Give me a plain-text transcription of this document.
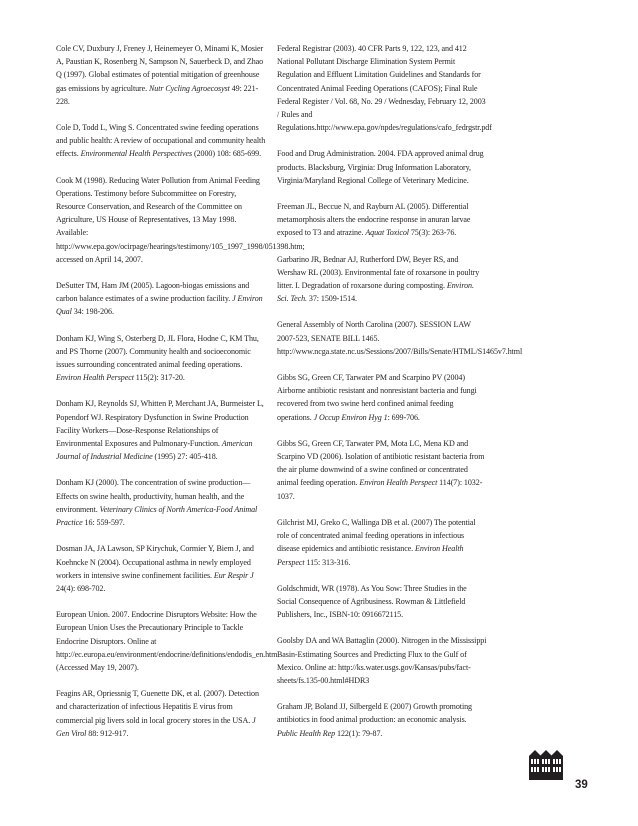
Cole CV, Duxbury J, Freney J, Heinemeyer O, Minami K, Mosier A, Paustian K, Rosenberg N, Sampson N, Sauerbeck D, and Zhao Q (1997). Global estimates of potential mitigation of greenhouse gas emissions by agriculture. Nutr Cycling Agroecosyst 49: 221-228.

Cole D, Todd L, Wing S. Concentrated swine feeding operations and public health: A review of occupational and community health effects. Environmental Health Perspectives (2000) 108: 685-699.

Cook M (1998). Reducing Water Pollution from Animal Feeding Operations. Testimony before Subcommittee on Forestry, Resource Conservation, and Research of the Committee on Agriculture, US House of Representatives, 13 May 1998. Available: http://www.epa.gov/ocirpage/hearings/testimony/105_1997_1998/051398.htm; accessed on April 14, 2007.

DeSutter TM, Ham JM (2005). Lagoon-biogas emissions and carbon balance estimates of a swine production facility. J Environ Qual 34: 198-206.

Donham KJ, Wing S, Osterberg D, JL Flora, Hodne C, KM Thu, and PS Thorne (2007). Community health and socioeconomic issues surrounding concentrated animal feeding operations. Environ Health Perspect 115(2): 317-20.

Donham KJ, Reynolds SJ, Whitten P, Merchant JA, Burmeister L, Popendorf WJ. Respiratory Dysfunction in Swine Production Facility Workers—Dose-Response Relationships of Environmental Exposures and Pulmonary-Function. American Journal of Industrial Medicine (1995) 27: 405-418.

Donham KJ (2000). The concentration of swine production—Effects on swine health, productivity, human health, and the environment. Veterinary Clinics of North America-Food Animal Practice 16: 559-597.

Dosman JA, JA Lawson, SP Kirychuk, Cormier Y, Biem J, and Koehncke N (2004). Occupational asthma in newly employed workers in intensive swine confinement facilities. Eur Respir J 24(4): 698-702.

European Union. 2007. Endocrine Disruptors Website: How the European Union Uses the Precautionary Principle to Tackle Endocrine Disruptors. Online at http://ec.europa.eu/environment/endocrine/definitions/endodis_en.htm (Accessed May 19, 2007).

Feagins AR, Opriessnig T, Guenette DK, et al. (2007). Detection and characterization of infectious Hepatitis E virus from commercial pig livers sold in local grocery stores in the USA. J Gen Virol 88: 912-917.

Federal Registrar (2003). 40 CFR Parts 9, 122, 123, and 412 National Pollutant Discharge Elimination System Permit Regulation and Effluent Limitation Guidelines and Standards for Concentrated Animal Feeding Operations (CAFOS); Final Rule Federal Register / Vol. 68, No. 29 / Wednesday, February 12, 2003 / Rules and Regulations.http://www.epa.gov/npdes/regulations/cafo_fedrgstr.pdf

Food and Drug Administration. 2004. FDA approved animal drug products. Blacksburg, Virginia: Drug Information Laboratory, Virginia/Maryland Regional College of Veterinary Medicine.

Freeman JL, Beccue N, and Rayburn AL (2005). Differential metamorphosis alters the endocrine response in anuran larvae exposed to T3 and atrazine. Aquat Toxicol 75(3): 263-76.

Garbarino JR, Bednar AJ, Rutherford DW, Beyer RS, and Wershaw RL (2003). Environmental fate of roxarsone in poultry litter. I. Degradation of roxarsone during composting. Environ. Sci. Tech. 37: 1509-1514.

General Assembly of North Carolina (2007). SESSION LAW 2007-523, SENATE BILL 1465. http://www.ncga.state.nc.us/Sessions/2007/Bills/Senate/HTML/S1465v7.html

Gibbs SG, Green CF, Tarwater PM and Scarpino PV (2004) Airborne antibiotic resistant and nonresistant bacteria and fungi recovered from two swine herd confined animal feeding operations. J Occup Environ Hyg 1: 699-706.

Gibbs SG, Green CF, Tarwater PM, Mota LC, Mena KD and Scarpino VD (2006). Isolation of antibiotic resistant bacteria from the air plume downwind of a swine confined or concentrated animal feeding operation. Environ Health Perspect 114(7): 1032-1037.

Gilchrist MJ, Greko C, Wallinga DB et al. (2007) The potential role of concentrated animal feeding operations in infectious disease epidemics and antibiotic resistance. Environ Health Perspect 115: 313-316.

Goldschmidt, WR (1978). As You Sow: Three Studies in the Social Consequence of Agribusiness. Rowman & Littlefield Publishers, Inc., ISBN-10: 0916672115.

Goolsby DA and WA Battaglin (2000). Nitrogen in the Mississippi Basin-Estimating Sources and Predicting Flux to the Gulf of Mexico. Online at: http://ks.water.usgs.gov/Kansas/pubs/fact-sheets/fs.135-00.html#HDR3

Graham JP, Boland JJ, Silbergeld E (2007) Growth promoting antibiotics in food animal production: an economic analysis. Public Health Rep 122(1): 79-87.

39
